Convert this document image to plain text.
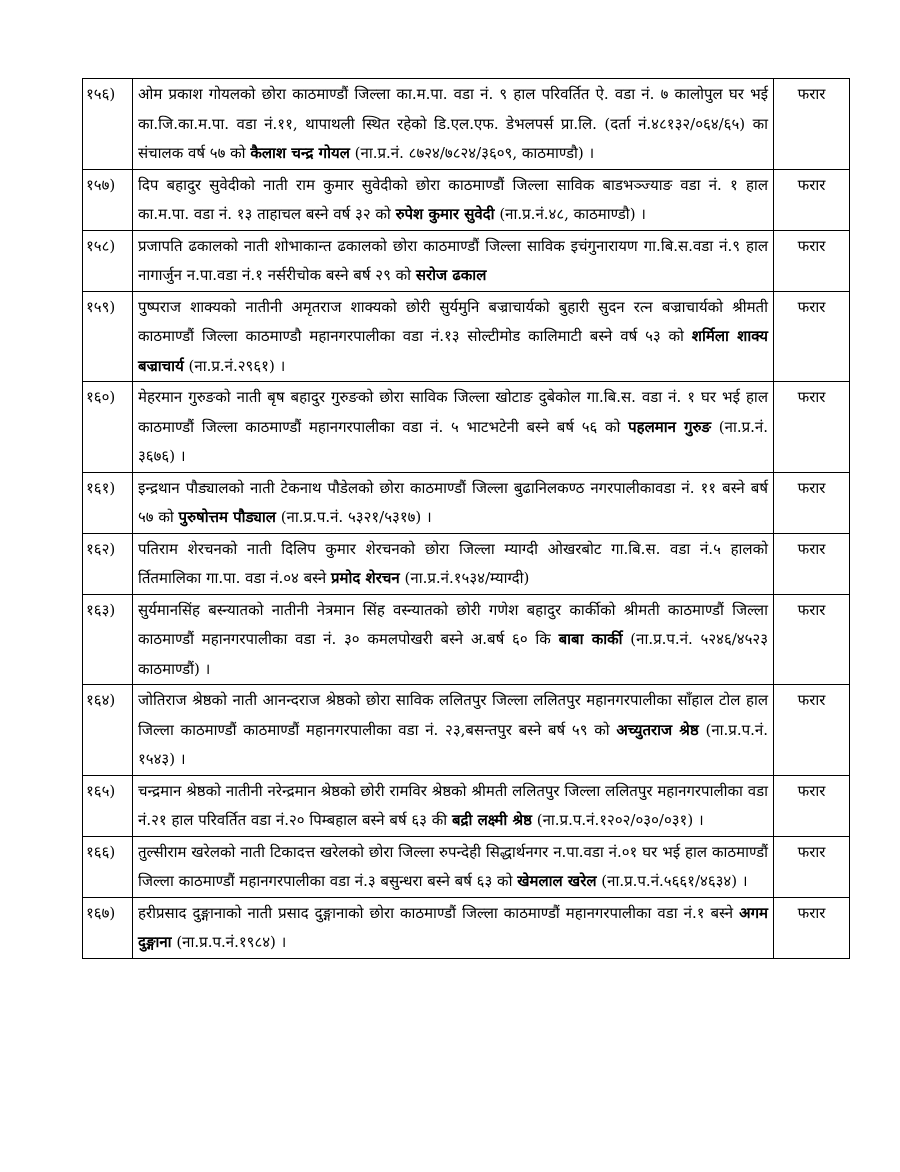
१५६)	ओम प्रकाश गोयलको छोरा काठमाण्डौं जिल्ला का.म.पा. वडा नं. ९ हाल परिवर्तित ऐ. वडा नं. ७ कालोपुल घर भई का.जि.का.म.पा. वडा नं.११, थापाथली स्थित रहेको डि.एल.एफ. डेभलपर्स प्रा.लि. (दर्ता नं.४८१३२/०६४/६५) का संचालक वर्ष ५७ को कैलाश चन्द्र गोयल (ना.प्र.नं. ८७२४/७८२४/३६०९, काठमाण्डौ) ।	फरार
१५७)	दिप बहादुर सुवेदीको नाती राम कुमार सुवेदीको छोरा काठमाण्डौं जिल्ला साविक बाडभञ्ज्याङ वडा नं. १ हाल का.म.पा. वडा नं. १३ ताहाचल बस्ने वर्ष ३२ को रुपेश कुमार सुवेदी (ना.प्र.नं.४८, काठमाण्डौ) ।	फरार
१५८)	प्रजापति ढकालको नाती शोभाकान्त ढकालको छोरा काठमाण्डौं जिल्ला साविक इचंगुनारायण गा.बि.स.वडा नं.९ हाल नागार्जुन न.पा.वडा नं.१ नर्सरीचोक बस्ने बर्ष २९ को सरोज ढकाल	फरार
१५९)	पुष्पराज शाक्यको नातीनी अमृतराज शाक्यको छोरी सुर्यमुनि बज्राचार्यको बुहारी सुदन रत्न बज्राचार्यको श्रीमती काठमाण्डौं जिल्ला काठमाण्डौ महानगरपालीका वडा नं.१३ सोल्टीमोड कालिमाटी बस्ने वर्ष ५३ को शर्मिला शाक्य बज्राचार्य (ना.प्र.नं.२९६१) ।	फरार
१६०)	मेहरमान गुरुङको नाती बृष बहादुर गुरुङको छोरा साविक जिल्ला खोटाङ दुबेकोल गा.बि.स. वडा नं. १ घर भई हाल काठमाण्डौं जिल्ला काठमाण्डौं महानगरपालीका वडा नं. ५ भाटभटेनी बस्ने बर्ष ५६ को पहलमान गुरुङ (ना.प्र.नं. ३६७६) ।	फरार
१६१)	इन्द्रथान पौड्यालको नाती टेकनाथ पौडेलको छोरा काठमाण्डौं जिल्ला बुढानिलकण्ठ नगरपालीकावडा नं. ११ बस्ने बर्ष ५७ को पुरुषोत्तम पौड्याल (ना.प्र.प.नं. ५३२१/५३१७) ।	फरार
१६२)	पतिराम शेरचनको नाती दिलिप कुमार शेरचनको छोरा जिल्ला म्याग्दी ओखरबोट गा.बि.स. वडा नं.५ हालको र्तितमालिका गा.पा. वडा नं.०४ बस्ने प्रमोद शेरचन (ना.प्र.नं.१५३४/म्याग्दी)	फरार
१६३)	सुर्यमानसिंह बस्न्यातको नातीनी नेत्रमान सिंह वस्न्यातको छोरी गणेश बहादुर कार्कीको श्रीमती काठमाण्डौं जिल्ला काठमाण्डौं महानगरपालीका वडा नं. ३० कमलपोखरी बस्ने अ.बर्ष ६० कि बाबा कार्की (ना.प्र.प.नं. ५२४६/४५२३ काठमाण्डौं) ।	फरार
१६४)	जोतिराज श्रेष्ठको नाती आनन्दराज श्रेष्ठको छोरा साविक ललितपुर जिल्ला ललितपुर महानगरपालीका साँहाल टोल हाल जिल्ला काठमाण्डौं काठमाण्डौं महानगरपालीका वडा नं. २३,बसन्तपुर बस्ने बर्ष ५९ को अच्युतराज श्रेष्ठ (ना.प्र.प.नं. १५४३) ।	फरार
१६५)	चन्द्रमान श्रेष्ठको नातीनी नरेन्द्रमान श्रेष्ठको छोरी रामविर श्रेष्ठको श्रीमती ललितपुर जिल्ला ललितपुर महानगरपालीका वडा नं.२१ हाल परिवर्तित वडा नं.२० पिम्बहाल बस्ने बर्ष ६३ की बद्री लक्ष्मी श्रेष्ठ (ना.प्र.प.नं.१२०२/०३०/०३१) ।	फरार
१६६)	तुल्सीराम खरेलको नाती टिकादत्त खरेलको छोरा जिल्ला रुपन्देही सिद्धार्थनगर न.पा.वडा नं.०१ घर भई हाल काठमाण्डौं जिल्ला काठमाण्डौं महानगरपालीका वडा नं.३ बसुन्धरा बस्ने बर्ष ६३ को खेमलाल खरेल (ना.प्र.प.नं.५६६१/४६३४) ।	फरार
१६७)	हरीप्रसाद दुङ्गानाको नाती प्रसाद दुङ्गानाको छोरा काठमाण्डौं जिल्ला काठमाण्डौं महानगरपालीका वडा नं.१ बस्ने अगम दुङ्गाना (ना.प्र.प.नं.१९८४) ।	फरार
